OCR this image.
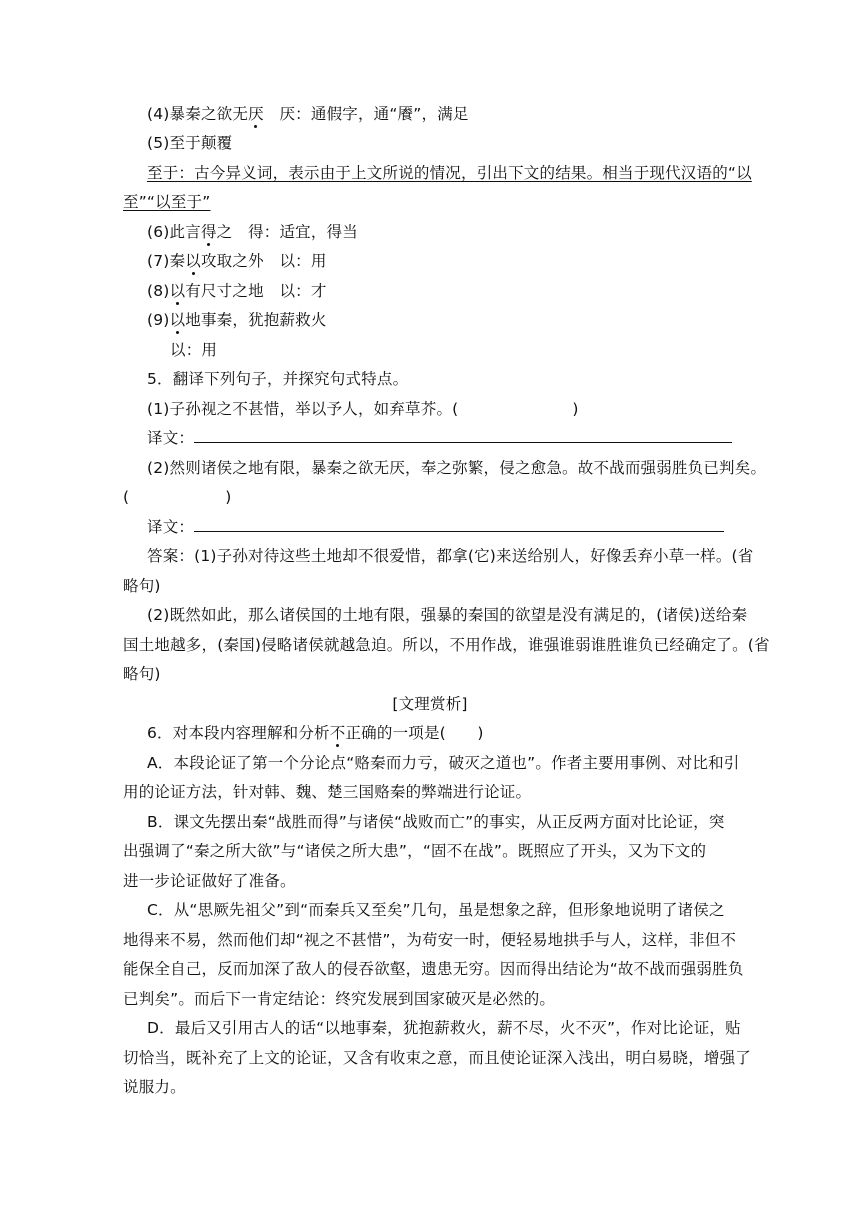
(4)暴秦之欲无厌　厌：通假字，通“餍”，满足
(5)至于颠覆
至于：古今异义词，表示由于上文所说的情况，引出下文的结果。相当于现代汉语的“以
至”“以至于”
(6)此言得之　得：适宜，得当
(7)秦以攻取之外　以：用
(8)以有尺寸之地　以：才
(9)以地事秦，犹抱薪救火
以：用
5．翻译下列句子，并探究句式特点。
(1)子孙视之不甚惜，举以予人，如弃草芥。(	)
译文：
(2)然则诸侯之地有限，暴秦之欲无厌，奉之弥繁，侵之愈急。故不战而强弱胜负已判矣。
(	)
译文：
答案：(1)子孙对待这些土地却不很爱惜，都拿(它)来送给别人，好像丢弃小草一样。(省
略句)
(2)既然如此，那么诸侯国的土地有限，强暴的秦国的欲望是没有满足的，(诸侯)送给秦
国土地越多，(秦国)侵略诸侯就越急迫。所以，不用作战，谁强谁弱谁胜谁负已经确定了。(省
略句)
[文理赏析]
6．对本段内容理解和分析不正确的一项是(　　)
A．本段论证了第一个分论点“赂秦而力亏，破灭之道也”。作者主要用事例、对比和引
用的论证方法，针对韩、魏、楚三国赂秦的弊端进行论证。
B．课文先摆出秦“战胜而得”与诸侯“战败而亡”的事实，从正反两方面对比论证，突
出强调了“秦之所大欲”与“诸侯之所大患”，“固不在战”。既照应了开头，又为下文的
进一步论证做好了准备。
C．从“思厥先祖父”到“而秦兵又至矣”几句，虽是想象之辞，但形象地说明了诸侯之
地得来不易，然而他们却“视之不甚惜”，为苟安一时，便轻易地拱手与人，这样，非但不
能保全自己，反而加深了敌人的侵吞欲壑，遗患无穷。因而得出结论为“故不战而强弱胜负
已判矣”。而后下一肯定结论：终究发展到国家破灭是必然的。
D．最后又引用古人的话“以地事秦，犹抱薪救火，薪不尽，火不灭”，作对比论证，贴
切恰当，既补充了上文的论证，又含有收束之意，而且使论证深入浅出，明白易晓，增强了
说服力。
